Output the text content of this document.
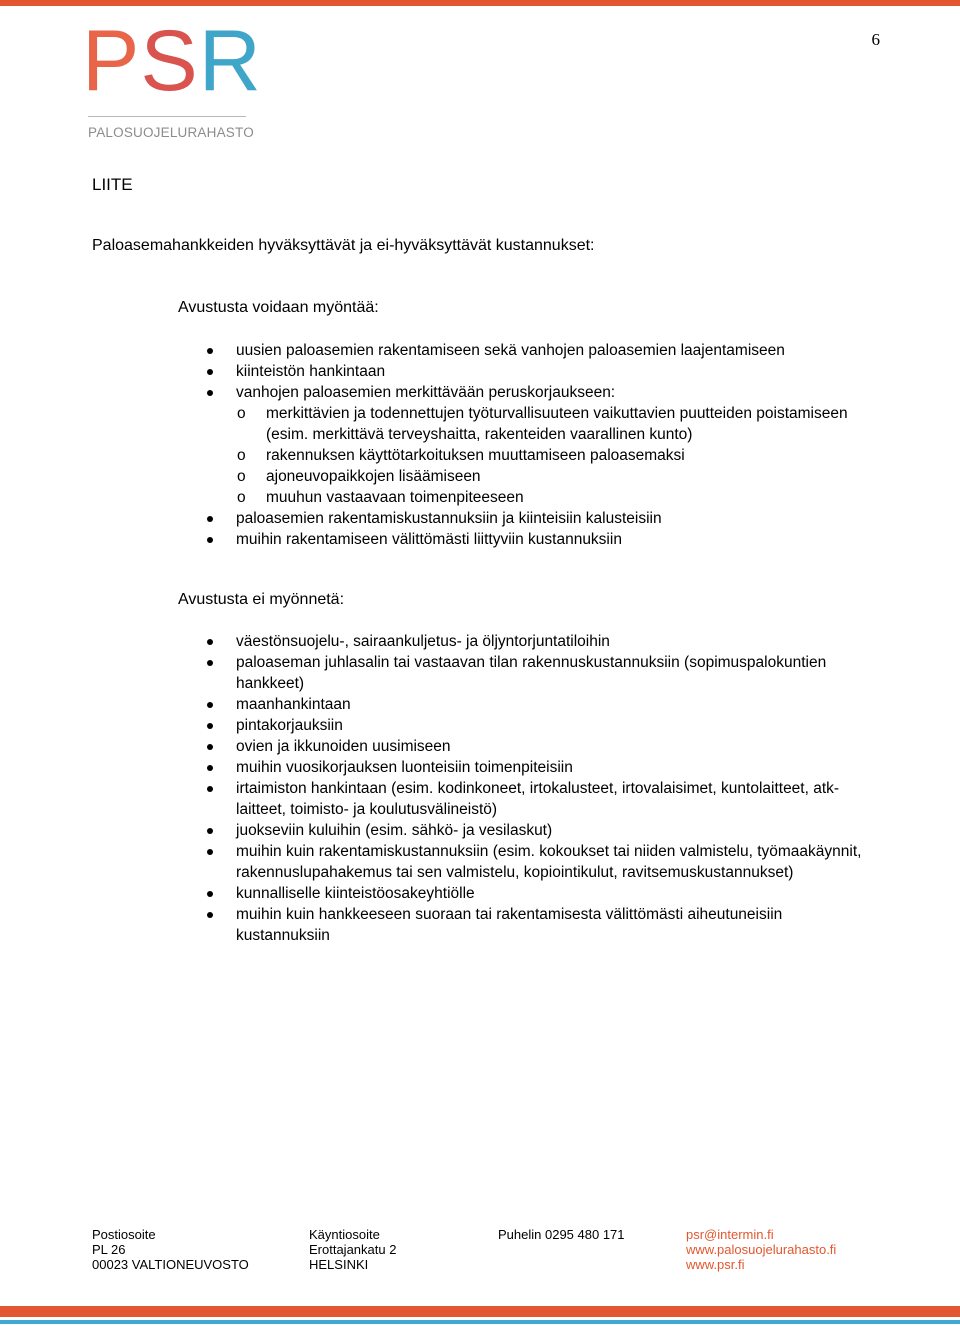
6
PSR
PALOSUOJELURAHASTO
LIITE
Paloasemahankkeiden hyväksyttävät ja ei-hyväksyttävät kustannukset:
Avustusta voidaan myöntää:
uusien paloasemien rakentamiseen sekä vanhojen paloasemien laajentamiseen
kiinteistön hankintaan
vanhojen paloasemien merkittävään peruskorjaukseen:
o merkittävien ja todennettujen työturvallisuuteen vaikuttavien puutteiden poistamiseen (esim. merkittävä terveyshaitta, rakenteiden vaarallinen kunto)
o rakennuksen käyttötarkoituksen muuttamiseen paloasemaksi
o ajoneuvopaikkojen lisäämiseen
o muuhun vastaavaan toimenpiteeseen
paloasemien rakentamiskustannuksiin ja kiinteisiin kalusteisiin
muihin rakentamiseen välittömästi liittyviin kustannuksiin
Avustusta ei myönnetä:
väestönsuojelu-, sairaankuljetus- ja öljyntorjuntatiloihin
paloaseman juhlasalin tai vastaavan tilan rakennuskustannuksiin (sopimuspalokuntien hankkeet)
maanhankintaan
pintakorjauksiin
ovien ja ikkunoiden uusimiseen
muihin vuosikorjauksen luonteisiin toimenpiteisiin
irtaimiston hankintaan (esim. kodinkoneet, irtokalusteet, irtovalaisimet, kuntolaitteet, atk-laitteet, toimisto- ja koulutusvälineistö)
juokseviin kuluihin (esim. sähkö- ja vesilaskut)
muihin kuin rakentamiskustannuksiin (esim. kokoukset tai niiden valmistelu, työmaakäynnit, rakennuslupahakemus tai sen valmistelu, kopiointikulut, ravitsemuskustannukset)
kunnalliselle kiinteistöosakeyhtiölle
muihin kuin hankkeeseen suoraan tai rakentamisesta välittömästi aiheutuneisiin kustannuksiin
Postiosoite
PL 26
00023 VALTIONEUVOSTO
Käyntiosoite
Erottajankatu 2
HELSINKI
Puhelin 0295 480 171	psr@intermin.fi
www.palosuojelurahasto.fi
www.psr.fi
